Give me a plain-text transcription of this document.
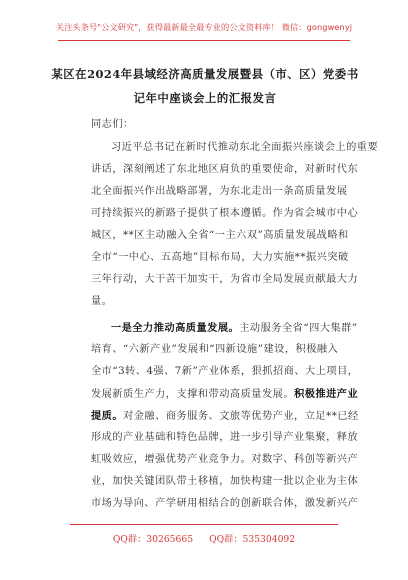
关注头条号"公文研究"，获得最新最全最专业的公文资料库！ 微信：gongwenyj
某区在2024年县域经济高质量发展暨县（市、区）党委书
记年中座谈会上的汇报发言
同志们：
习近平总书记在新时代推动东北全面振兴座谈会上的重要
讲话，深刻阐述了东北地区肩负的重要使命，对新时代东
北全面振兴作出战略部署，为东北走出一条高质量发展
可持续振兴的新路子提供了根本遵循。作为省会城市中心
城区，**区主动融入全省“一主六双”高质量发展战略和
全市“一中心、五高地”目标布局，大力实施**振兴突破
三年行动，大干苦干加实干，为省市全局发展贡献最大力
量。
一是全力推动高质量发展。主动服务全省“四大集群”
培育、“六新产业”发展和“四新设施”建设，积极融入
全市“3转、4强、7新”产业体系，狠抓招商、大上项目，
发展新质生产力，支撑和带动高质量发展。积极推进产业
提质。对金融、商务服务、文旅等优势产业，立足**已经
形成的产业基础和特色品牌，进一步引导产业集聚，释放
虹吸效应，增强优势产业竞争力。对数字、科创等新兴产
业，加快关键团队带土移植，加快构建一批以企业为主体
市场为导向、产学研用相结合的创新联合体，激发新兴产
QQ群：30265665 QQ群：535304092
